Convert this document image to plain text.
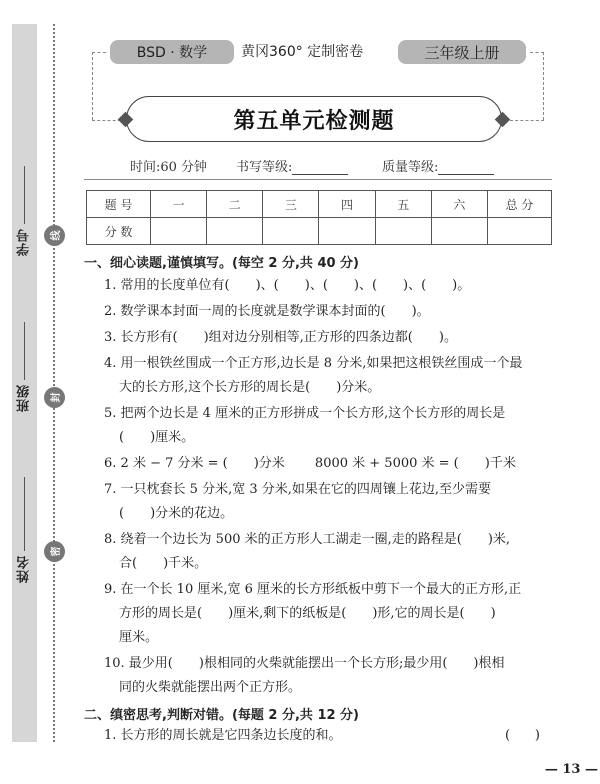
学号
班级
姓名
线
封
密
BSD · 数学 黄冈360° 定制密卷	三年级上册
第五单元检测题
时间:60 分钟 书写等级:	质量等级:
题 号	一	二	三	四	五	六	总 分
分 数							
一、细心读题,谨慎填写。(每空 2 分,共 40 分)
1. 常用的长度单位有(　　)、(　　)、(　　)、(　　)、(　　)。
2. 数学课本封面一周的长度就是数学课本封面的(　　)。
3. 长方形有(　　)组对边分别相等,正方形的四条边都(　　)。
4. 用一根铁丝围成一个正方形,边长是 8 分米,如果把这根铁丝围成一个最
大的长方形,这个长方形的周长是(　　)分米。
5. 把两个边长是 4 厘米的正方形拼成一个长方形,这个长方形的周长是
(　　)厘米。
6. 2 米 − 7 分米 = (　　)分米　　 8000 米 + 5000 米 = (　　)千米
7. 一只枕套长 5 分米,宽 3 分米,如果在它的四周镶上花边,至少需要
(　　)分米的花边。
8. 绕着一个边长为 500 米的正方形人工湖走一圈,走的路程是(　　)米,
合(　　)千米。
9. 在一个长 10 厘米,宽 6 厘米的长方形纸板中剪下一个最大的正方形,正
方形的周长是(　　)厘米,剩下的纸板是(　　)形,它的周长是(　　)
厘米。
10. 最少用(　　)根相同的火柴就能摆出一个长方形;最少用(　　)根相
同的火柴就能摆出两个正方形。
二、缜密思考,判断对错。(每题 2 分,共 12 分)
1. 长方形的周长就是它四条边长度的和。	(      )
— 13 —
